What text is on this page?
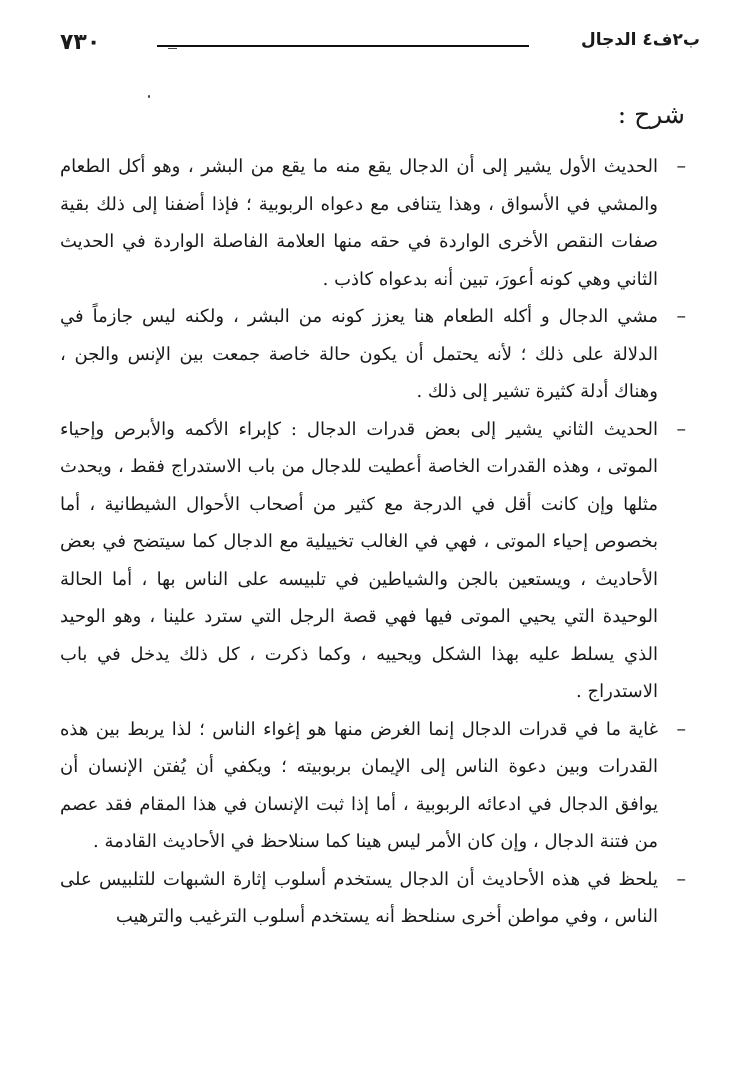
٧٣٠	ب٢ف٤ الدجال
شرح :
–
الحديث الأول يشير إلى أن الدجال يقع منه ما يقع من البشر ، وهو أكل الطعام والمشي في الأسواق ، وهذا يتنافى مع دعواه الربوبية ؛ فإذا أضفنا إلى ذلك بقية صفات النقص الأخرى الواردة في حقه منها العلامة الفاصلة الواردة في الحديث الثاني وهي كونه أعورَ، تبين أنه بدعواه كاذب .
–
مشي الدجال و أكله الطعام هنا يعزز كونه من البشر ، ولكنه ليس جازماً في الدلالة على ذلك ؛ لأنه يحتمل أن يكون حالة خاصة جمعت بين الإنس والجن ، وهناك أدلة كثيرة تشير إلى ذلك .
–
الحديث الثاني يشير إلى بعض قدرات الدجال : كإبراء الأكمه والأبرص وإحياء الموتى ، وهذه القدرات الخاصة أعطيت للدجال من باب الاستدراج فقط ، ويحدث مثلها وإن كانت أقل في الدرجة مع كثير من أصحاب الأحوال الشيطانية ، أما بخصوص إحياء الموتى ، فهي في الغالب تخييلية مع الدجال كما سيتضح في بعض الأحاديث ، ويستعين بالجن والشياطين في تلبيسه على الناس بها ، أما الحالة الوحيدة التي يحيي الموتى فيها فهي قصة الرجل التي سترد علينا ، وهو الوحيد الذي يسلط عليه بهذا الشكل ويحييه ، وكما ذكرت ، كل ذلك يدخل في باب الاستدراج .
–
غاية ما في قدرات الدجال إنما الغرض منها هو إغواء الناس ؛ لذا يربط بين هذه القدرات وبين دعوة الناس إلى الإيمان بربوبيته ؛ ويكفي أن يُفتن الإنسان أن يوافق الدجال في ادعائه الربوبية ، أما إذا ثبت الإنسان في هذا المقام فقد عصم من فتنة الدجال ، وإن كان الأمر ليس هينا كما سنلاحظ في الأحاديث القادمة .
–
يلحظ في هذه الأحاديث أن الدجال يستخدم أسلوب إثارة الشبهات للتلبيس على الناس ، وفي مواطن أخرى سنلحظ أنه يستخدم أسلوب الترغيب والترهيب
